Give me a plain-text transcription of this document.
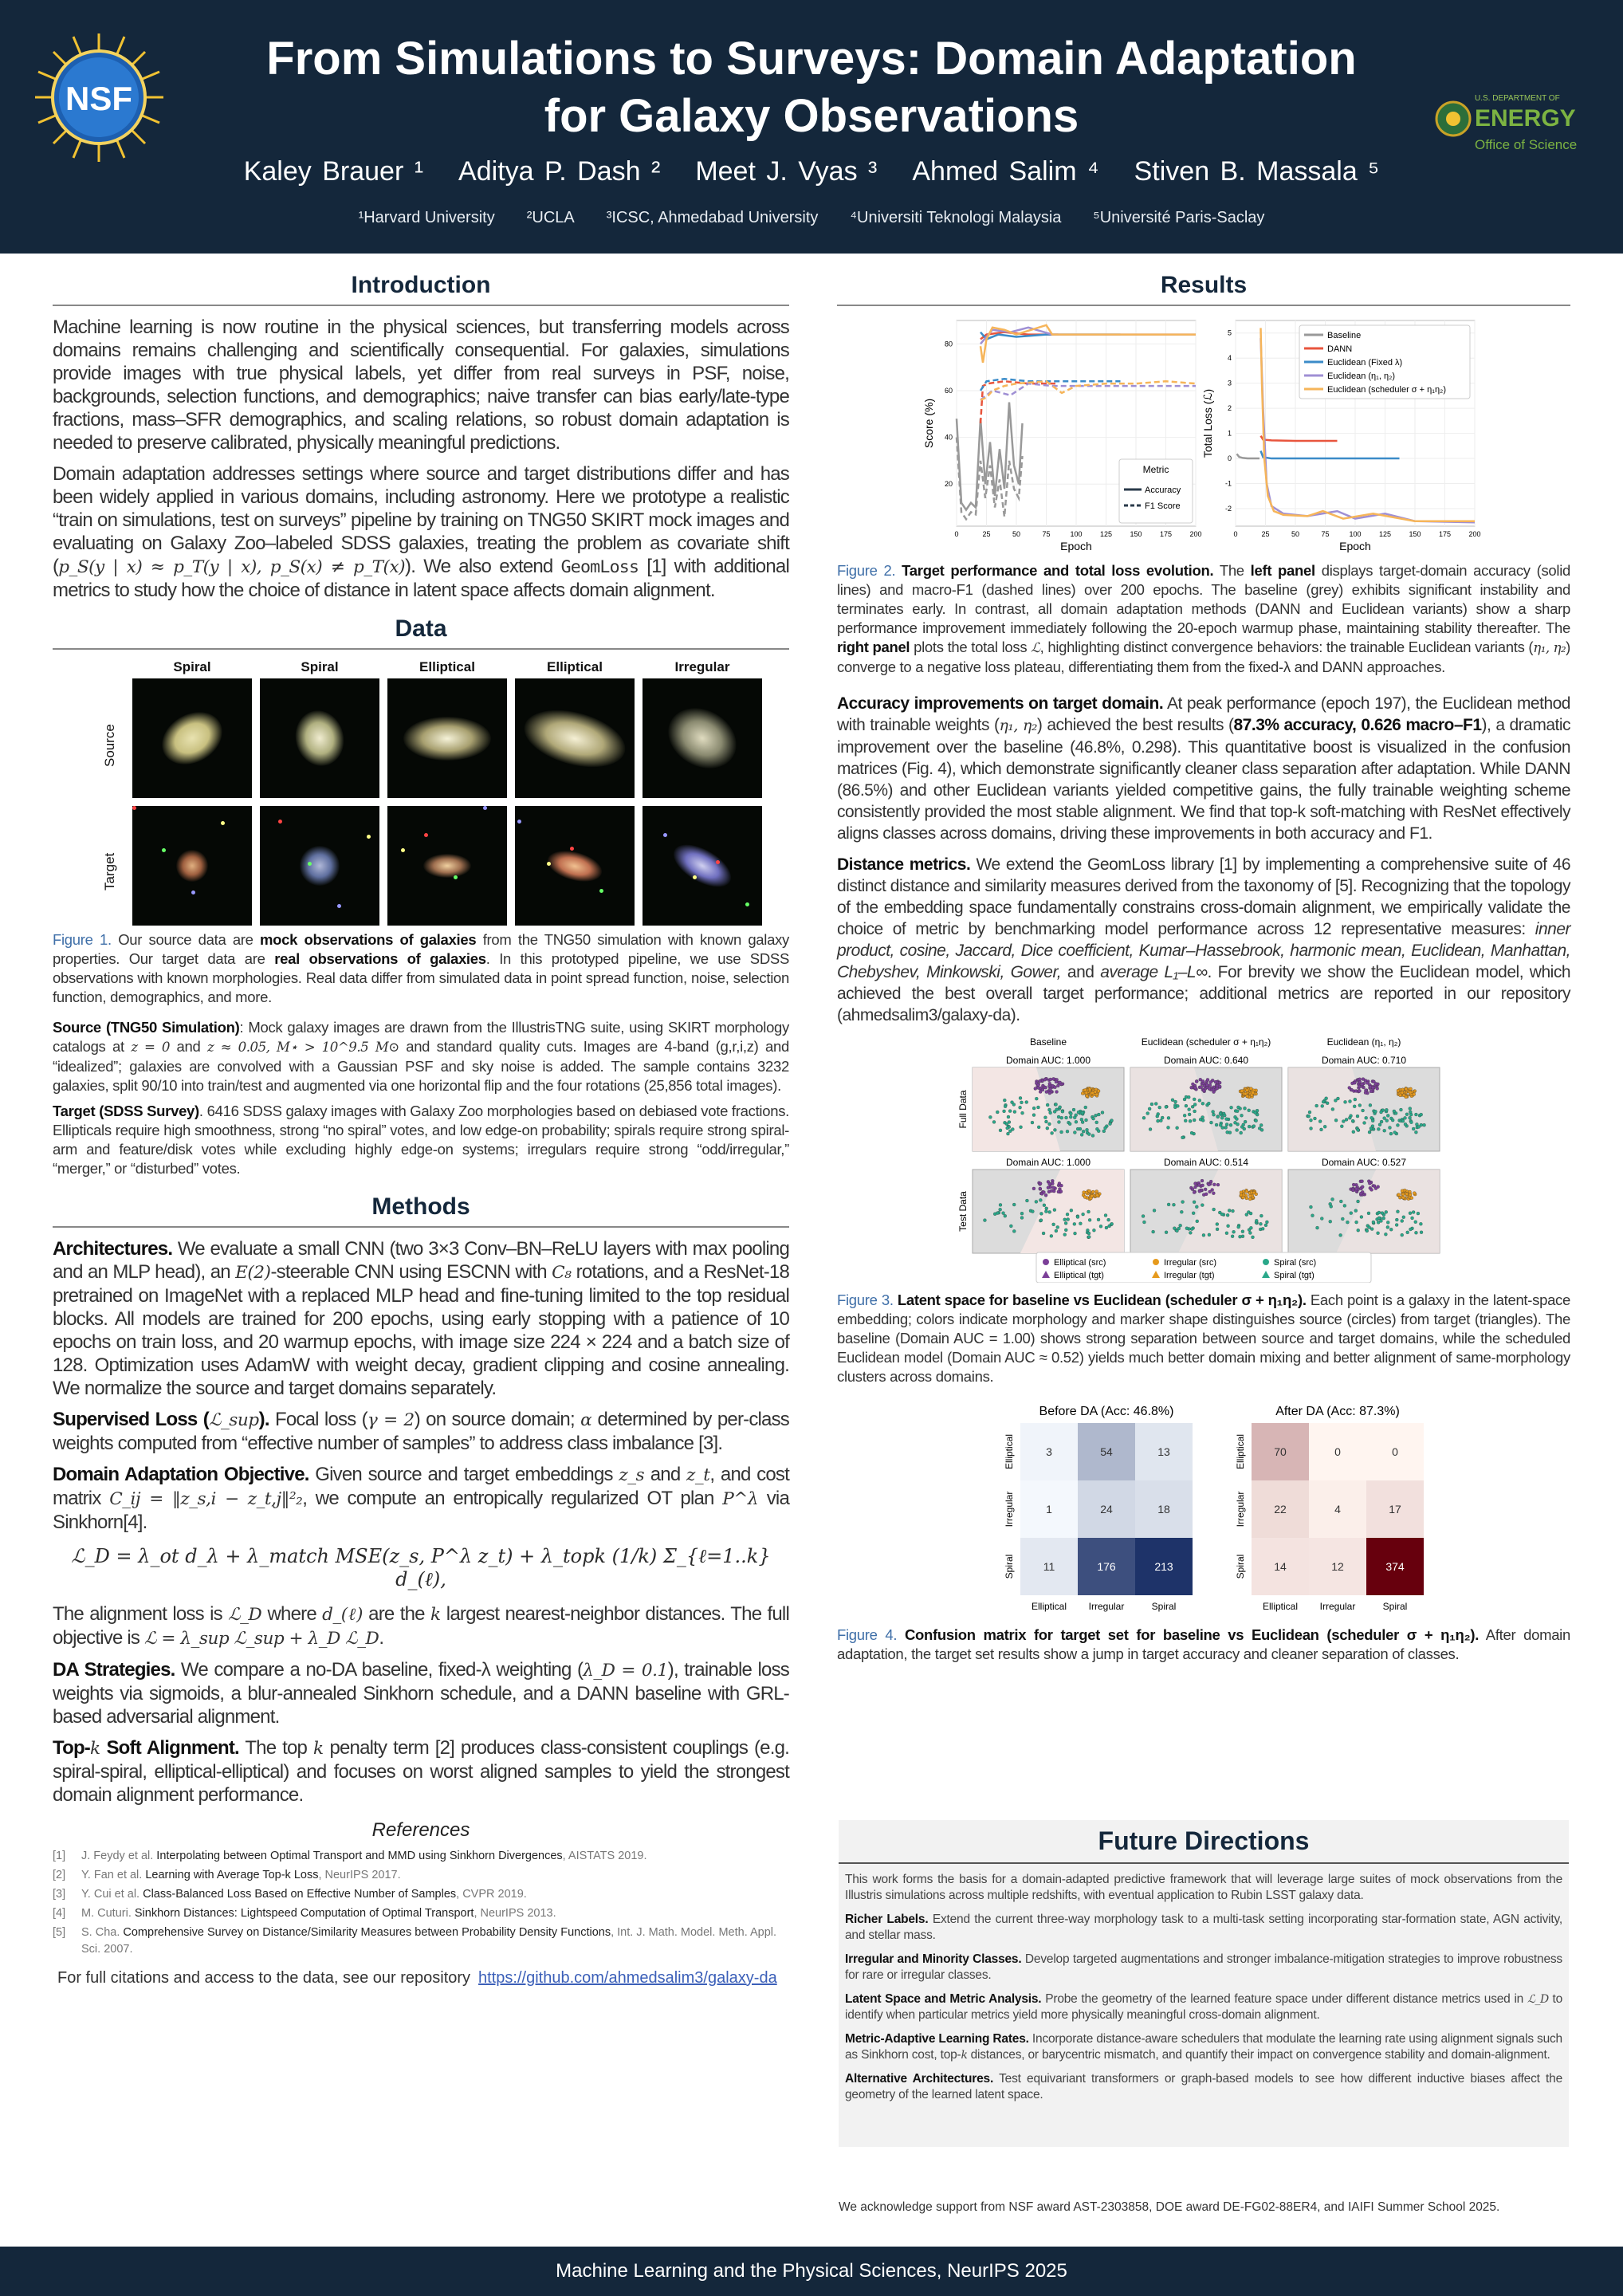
NSF
From Simulations to Surveys: Domain Adaptation
for Galaxy Observations
Kaley Brauer ¹ Aditya P. Dash ² Meet J. Vyas ³ Ahmed Salim ⁴ Stiven B. Massala ⁵
¹Harvard University ²UCLA ³ICSC, Ahmedabad University ⁴Universiti Teknologi Malaysia ⁵Université Paris-Saclay
U.S. DEPARTMENT OF
ENERGY
Office of Science
Introduction
Machine learning is now routine in the physical sciences, but transferring models across domains remains challenging and scientifically consequential. For galaxies, simulations provide images with true physical labels, yet differ from real surveys in PSF, noise, backgrounds, selection functions, and demographics; naive transfer can bias early/late-type fractions, mass–SFR demographics, and scaling relations, so robust domain adaptation is needed to preserve calibrated, physically meaningful predictions.
Domain adaptation addresses settings where source and target distributions differ and has been widely applied in various domains, including astronomy. Here we prototype a realistic “train on simulations, test on surveys” pipeline by training on TNG50 SKIRT mock images and evaluating on Galaxy Zoo–labeled SDSS galaxies, treating the problem as covariate shift (p_S(y | x) ≈ p_T(y | x), p_S(x) ≠ p_T(x)). We also extend GeomLoss [1] with additional metrics to study how the choice of distance in latent space affects domain alignment.
Data
Spiral	Spiral	Elliptical	Elliptical	Irregular
Source
Target
Figure 1. Our source data are mock observations of galaxies from the TNG50 simulation with known galaxy properties. Our target data are real observations of galaxies. In this prototyped pipeline, we use SDSS observations with known morphologies. Real data differ from simulated data in point spread function, noise, selection function, demographics, and more.
Source (TNG50 Simulation): Mock galaxy images are drawn from the IllustrisTNG suite, using SKIRT morphology catalogs at z = 0 and z ≈ 0.05, M⋆ > 10^9.5 M⊙ and standard quality cuts. Images are 4-band (g,r,i,z) and “idealized”; galaxies are convolved with a Gaussian PSF and sky noise is added. The sample contains 3232 galaxies, split 90/10 into train/test and augmented via one horizontal flip and the four rotations (25,856 total images).
Target (SDSS Survey). 6416 SDSS galaxy images with Galaxy Zoo morphologies based on debiased vote fractions. Ellipticals require high smoothness, strong “no spiral” votes, and low edge-on probability; spirals require strong spiral-arm and feature/disk votes while excluding highly edge-on systems; irregulars require strong “odd/irregular,” “merger,” or “disturbed” votes.
Methods
Architectures. We evaluate a small CNN (two 3×3 Conv–BN–ReLU layers with max pooling and an MLP head), an E(2)-steerable CNN using ESCNN with C₈ rotations, and a ResNet-18 pretrained on ImageNet with a replaced MLP head and fine-tuning limited to the top residual blocks. All models are trained for 200 epochs, using early stopping with a patience of 10 epochs on train loss, and 20 warmup epochs, with image size 224 × 224 and a batch size of 128. Optimization uses AdamW with weight decay, gradient clipping and cosine annealing. We normalize the source and target domains separately.
Supervised Loss (ℒ_sup). Focal loss (γ = 2) on source domain; α determined by per-class weights computed from “effective number of samples” to address class imbalance [3].
Domain Adaptation Objective. Given source and target embeddings z_s and z_t, and cost matrix C_ij = ‖z_s,i − z_t,j‖²₂, we compute an entropically regularized OT plan P^λ via Sinkhorn[4].
ℒ_D = λ_ot d_λ + λ_match MSE(z_s, P^λ z_t) + λ_topk (1/k) Σ_{ℓ=1..k} d_(ℓ),
The alignment loss is ℒ_D where d_(ℓ) are the k largest nearest-neighbor distances. The full objective is ℒ = λ_sup ℒ_sup + λ_D ℒ_D.
DA Strategies. We compare a no-DA baseline, fixed-λ weighting (λ_D = 0.1), trainable loss weights via sigmoids, a blur-annealed Sinkhorn schedule, and a DANN baseline with GRL-based adversarial alignment.
Top-k Soft Alignment. The top k penalty term [2] produces class-consistent couplings (e.g. spiral-spiral, elliptical-elliptical) and focuses on worst aligned samples to yield the strongest domain alignment performance.
References
[1]	J. Feydy et al. Interpolating between Optimal Transport and MMD using Sinkhorn Divergences, AISTATS 2019.
[2]	Y. Fan et al. Learning with Average Top-k Loss, NeurIPS 2017.
[3]	Y. Cui et al. Class-Balanced Loss Based on Effective Number of Samples, CVPR 2019.
[4]	M. Cuturi. Sinkhorn Distances: Lightspeed Computation of Optimal Transport, NeurIPS 2013.
[5]	S. Cha. Comprehensive Survey on Distance/Similarity Measures between Probability Density Functions, Int. J. Math. Model. Meth. Appl. Sci. 2007.
For full citations and access to the data, see our repository https://github.com/ahmedsalim3/galaxy-da
Results
0	25	50	75	100 125 150 175 200
20
40
60
80
Epoch
Score (%)
0	25	50	75	100 125 150 175 200
-2
-1
0
1
2
3
4
5
Epoch
Total Loss (ℒ)
Metric
Accuracy
F1 Score
Baseline
DANN
Euclidean (Fixed λ)
Euclidean (η₁, η₂)
Euclidean (scheduler σ + η₁η₂)
Figure 2. Target performance and total loss evolution. The left panel displays target-domain accuracy (solid lines) and macro-F1 (dashed lines) over 200 epochs. The baseline (grey) exhibits significant instability and terminates early. In contrast, all domain adaptation methods (DANN and Euclidean variants) show a sharp performance improvement immediately following the 20-epoch warmup phase, maintaining stability thereafter. The right panel plots the total loss ℒ, highlighting distinct convergence behaviors: the trainable Euclidean variants (η₁, η₂) converge to a negative loss plateau, differentiating them from the fixed-λ and DANN approaches.
Accuracy improvements on target domain. At peak performance (epoch 197), the Euclidean method with trainable weights (η₁, η₂) achieved the best results (87.3% accuracy, 0.626 macro–F1), a dramatic improvement over the baseline (46.8%, 0.298). This quantitative boost is visualized in the confusion matrices (Fig. 4), which demonstrate significantly cleaner class separation after adaptation. While DANN (86.5%) and other Euclidean variants yielded competitive gains, the fully trainable weighting scheme consistently provided the most stable alignment. We find that top-k soft-matching with ResNet effectively aligns classes across domains, driving these improvements in both accuracy and F1.
Distance metrics. We extend the GeomLoss library [1] by implementing a comprehensive suite of 46 distinct distance and similarity measures derived from the taxonomy of [5]. Recognizing that the topology of the embedding space fundamentally constrains cross-domain alignment, we empirically validate the choice of metric by benchmarking model performance across 12 representative measures: inner product, cosine, Jaccard, Dice coefficient, Kumar–Hassebrook, harmonic mean, Euclidean, Manhattan, Chebyshev, Minkowski, Gower, and average L₁–L∞. For brevity we show the Euclidean model, which achieved the best overall target performance; additional metrics are reported in our repository (ahmedsalim3/galaxy-da).
Baseline	Euclidean (scheduler σ + η₁η₂)	Euclidean (η₁, η₂)
Full Data
Test Data
Domain AUC: 1.000	Domain AUC: 0.640	Domain AUC: 0.710
Domain AUC: 1.000	Domain AUC: 0.514	Domain AUC: 0.527
Elliptical (src)
Elliptical (tgt)
Irregular (src)
Irregular (tgt)
Spiral (src)
Spiral (tgt)
Figure 3. Latent space for baseline vs Euclidean (scheduler σ + η₁η₂). Each point is a galaxy in the latent-space embedding; colors indicate morphology and marker shape distinguishes source (circles) from target (triangles). The baseline (Domain AUC = 1.00) shows strong separation between source and target domains, while the scheduled Euclidean model (Domain AUC ≈ 0.52) yields much better domain mixing and better alignment of same-morphology clusters across domains.
Before DA (Acc: 46.8%)
3	54	13
1	24	18
11	176	213
Elliptical Irregular	Spiral
Elliptical
Irregular
Spiral
After DA (Acc: 87.3%)
70	0	0
22	4	17
14	12	374
Elliptical Irregular	Spiral
Elliptical
Irregular
Spiral
Figure 4. Confusion matrix for target set for baseline vs Euclidean (scheduler σ + η₁η₂). After domain adaptation, the target set results show a jump in target accuracy and cleaner separation of classes.
Future Directions
This work forms the basis for a domain-adapted predictive framework that will leverage large suites of mock observations from the Illustris simulations across multiple redshifts, with eventual application to Rubin LSST galaxy data.
Richer Labels. Extend the current three-way morphology task to a multi-task setting incorporating star-formation state, AGN activity, and stellar mass.
Irregular and Minority Classes. Develop targeted augmentations and stronger imbalance-mitigation strategies to improve robustness for rare or irregular classes.
Latent Space and Metric Analysis. Probe the geometry of the learned feature space under different distance metrics used in ℒ_D to identify when particular metrics yield more physically meaningful cross-domain alignment.
Metric-Adaptive Learning Rates. Incorporate distance-aware schedulers that modulate the learning rate using alignment signals such as Sinkhorn cost, top-k distances, or barycentric mismatch, and quantify their impact on convergence stability and domain-alignment.
Alternative Architectures. Test equivariant transformers or graph-based models to see how different inductive biases affect the geometry of the learned latent space.
We acknowledge support from NSF award AST-2303858, DOE award DE-FG02-88ER4, and IAIFI Summer School 2025.
Machine Learning and the Physical Sciences, NeurIPS 2025
